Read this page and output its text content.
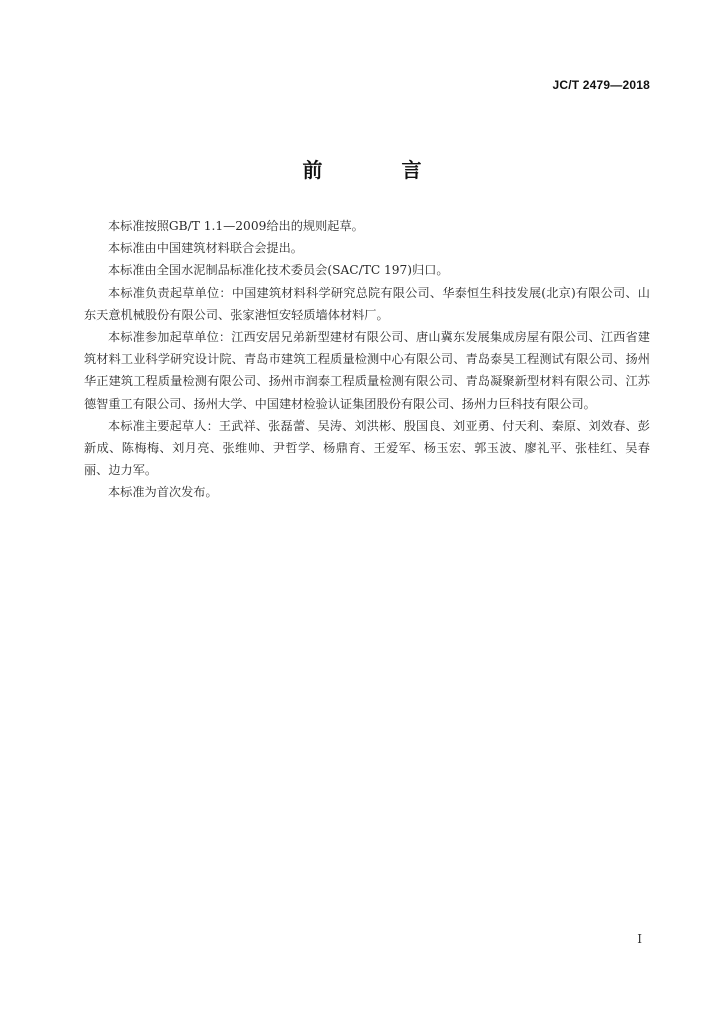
JC/T 2479—2018
前 言

本标准按照GB/T 1.1—2009给出的规则起草。

本标准由中国建筑材料联合会提出。

本标准由全国水泥制品标准化技术委员会(SAC/TC 197)归口。

本标准负责起草单位：中国建筑材料科学研究总院有限公司、华泰恒生科技发展(北京)有限公司、山东天意机械股份有限公司、张家港恒安轻质墙体材料厂。

本标准参加起草单位：江西安居兄弟新型建材有限公司、唐山冀东发展集成房屋有限公司、江西省建筑材料工业科学研究设计院、青岛市建筑工程质量检测中心有限公司、青岛泰昊工程测试有限公司、扬州华正建筑工程质量检测有限公司、扬州市润泰工程质量检测有限公司、青岛凝聚新型材料有限公司、江苏德智重工有限公司、扬州大学、中国建材检验认证集团股份有限公司、扬州力巨科技有限公司。

本标准主要起草人：王武祥、张磊蕾、吴涛、刘洪彬、殷国良、刘亚勇、付天利、秦原、刘效春、彭新成、陈梅梅、刘月亮、张维帅、尹哲学、杨鼎育、王爱军、杨玉宏、郭玉波、廖礼平、张桂红、吴春丽、边力军。

本标准为首次发布。

I
